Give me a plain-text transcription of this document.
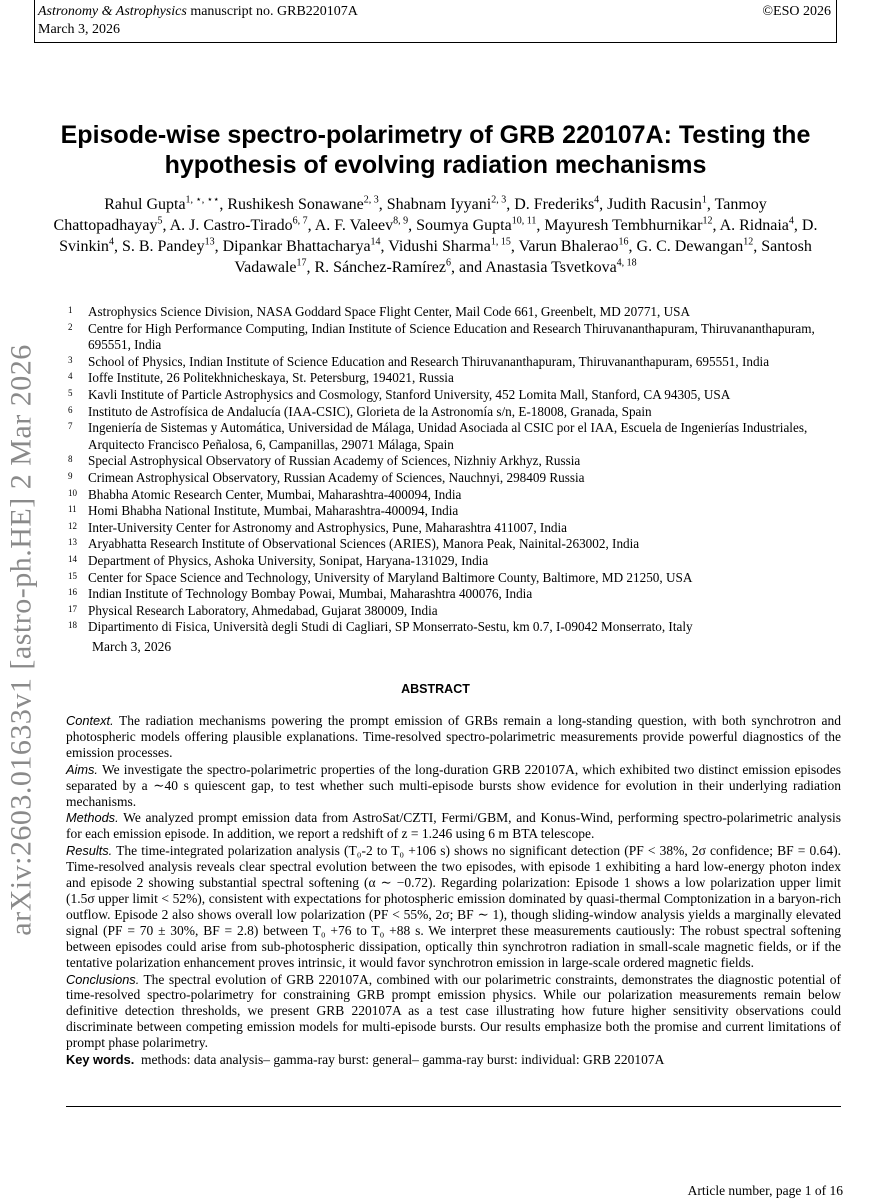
Astronomy & Astrophysics manuscript no. GRB220107A
March 3, 2026
©ESO 2026
arXiv:2603.01633v1 [astro-ph.HE] 2 Mar 2026
Episode-wise spectro-polarimetry of GRB 220107A: Testing the
hypothesis of evolving radiation mechanisms
Rahul Gupta$^{1, ⋆, ⋆⋆}$, Rushikesh Sonawane$^{2, 3}$, Shabnam Iyyani$^{2, 3}$, D. Frederiks$^4$, Judith Racusin$^1$, Tanmoy Chattopadhayay$^5$, A. J. Castro-Tirado$^{6, 7}$, A. F. Valeev$^{8, 9}$, Soumya Gupta$^{10, 11}$, Mayuresh Tembhurnikar$^{12}$, A. Ridnaia$^4$, D. Svinkin$^4$, S. B. Pandey$^{13}$, Dipankar Bhattacharya$^{14}$, Vidushi Sharma$^{1, 15}$, Varun Bhalerao$^{16}$, G. C. Dewangan$^{12}$, Santosh Vadawale$^{17}$, R. Sánchez-Ramírez$^6$, and Anastasia Tsvetkova$^{4, 18}$
1	Astrophysics Science Division, NASA Goddard Space Flight Center, Mail Code 661, Greenbelt, MD 20771, USA
2	Centre for High Performance Computing, Indian Institute of Science Education and Research Thiruvananthapuram, Thiruvananthapuram, 695551, India
3	School of Physics, Indian Institute of Science Education and Research Thiruvananthapuram, Thiruvananthapuram, 695551, India
4	Ioffe Institute, 26 Politekhnicheskaya, St. Petersburg, 194021, Russia
5	Kavli Institute of Particle Astrophysics and Cosmology, Stanford University, 452 Lomita Mall, Stanford, CA 94305, USA
6	Instituto de Astrofísica de Andalucía (IAA-CSIC), Glorieta de la Astronomía s/n, E-18008, Granada, Spain
7	Ingeniería de Sistemas y Automática, Universidad de Málaga, Unidad Asociada al CSIC por el IAA, Escuela de Ingenierías Industriales, Arquitecto Francisco Peñalosa, 6, Campanillas, 29071 Málaga, Spain
8	Special Astrophysical Observatory of Russian Academy of Sciences, Nizhniy Arkhyz, Russia
9	Crimean Astrophysical Observatory, Russian Academy of Sciences, Nauchnyi, 298409 Russia
10 Bhabha Atomic Research Center, Mumbai, Maharashtra-400094, India
11 Homi Bhabha National Institute, Mumbai, Maharashtra-400094, India
12 Inter-University Center for Astronomy and Astrophysics, Pune, Maharashtra 411007, India
13 Aryabhatta Research Institute of Observational Sciences (ARIES), Manora Peak, Nainital-263002, India
14 Department of Physics, Ashoka University, Sonipat, Haryana-131029, India
15 Center for Space Science and Technology, University of Maryland Baltimore County, Baltimore, MD 21250, USA
16 Indian Institute of Technology Bombay Powai, Mumbai, Maharashtra 400076, India
17 Physical Research Laboratory, Ahmedabad, Gujarat 380009, India
18 Dipartimento di Fisica, Università degli Studi di Cagliari, SP Monserrato-Sestu, km 0.7, I-09042 Monserrato, Italy
March 3, 2026
ABSTRACT

Context. The radiation mechanisms powering the prompt emission of GRBs remain a long-standing question, with both synchrotron and photospheric models offering plausible explanations. Time-resolved spectro-polarimetric measurements provide powerful diagnostics of the emission processes.

Aims. We investigate the spectro-polarimetric properties of the long-duration GRB 220107A, which exhibited two distinct emission episodes separated by a ∼40 s quiescent gap, to test whether such multi-episode bursts show evidence for evolution in their underlying radiation mechanisms.

Methods. We analyzed prompt emission data from AstroSat/CZTI, Fermi/GBM, and Konus-Wind, performing spectro-polarimetric analysis for each emission episode. In addition, we report a redshift of z = 1.246 using 6 m BTA telescope.

Results. The time-integrated polarization analysis (T₀-2 to T₀ +106 s) shows no significant detection (PF < 38%, 2σ confidence; BF = 0.64). Time-resolved analysis reveals clear spectral evolution between the two episodes, with episode 1 exhibiting a hard low-energy photon index and episode 2 showing substantial spectral softening (α ∼ −0.72). Regarding polarization: Episode 1 shows a low polarization upper limit (1.5σ upper limit < 52%), consistent with expectations for photospheric emission dominated by quasi-thermal Comptonization in a baryon-rich outflow. Episode 2 also shows overall low polarization (PF < 55%, 2σ; BF ∼ 1), though sliding-window analysis yields a marginally elevated signal (PF = 70 ± 30%, BF = 2.8) between T₀ +76 to T₀ +88 s. We interpret these measurements cautiously: The robust spectral softening between episodes could arise from sub-photospheric dissipation, optically thin synchrotron radiation in small-scale magnetic fields, or if the tentative polarization enhancement proves intrinsic, it would favor synchrotron emission in large-scale ordered magnetic fields.

Conclusions. The spectral evolution of GRB 220107A, combined with our polarimetric constraints, demonstrates the diagnostic potential of time-resolved spectro-polarimetry for constraining GRB prompt emission physics. While our polarization measurements remain below definitive detection thresholds, we present GRB 220107A as a test case illustrating how future higher sensitivity observations could discriminate between competing emission models for multi-episode bursts. Our results emphasize both the promise and current limitations of prompt phase polarimetry.

Key words. methods: data analysis– gamma-ray burst: general– gamma-ray burst: individual: GRB 220107A

Article number, page 1 of 16
